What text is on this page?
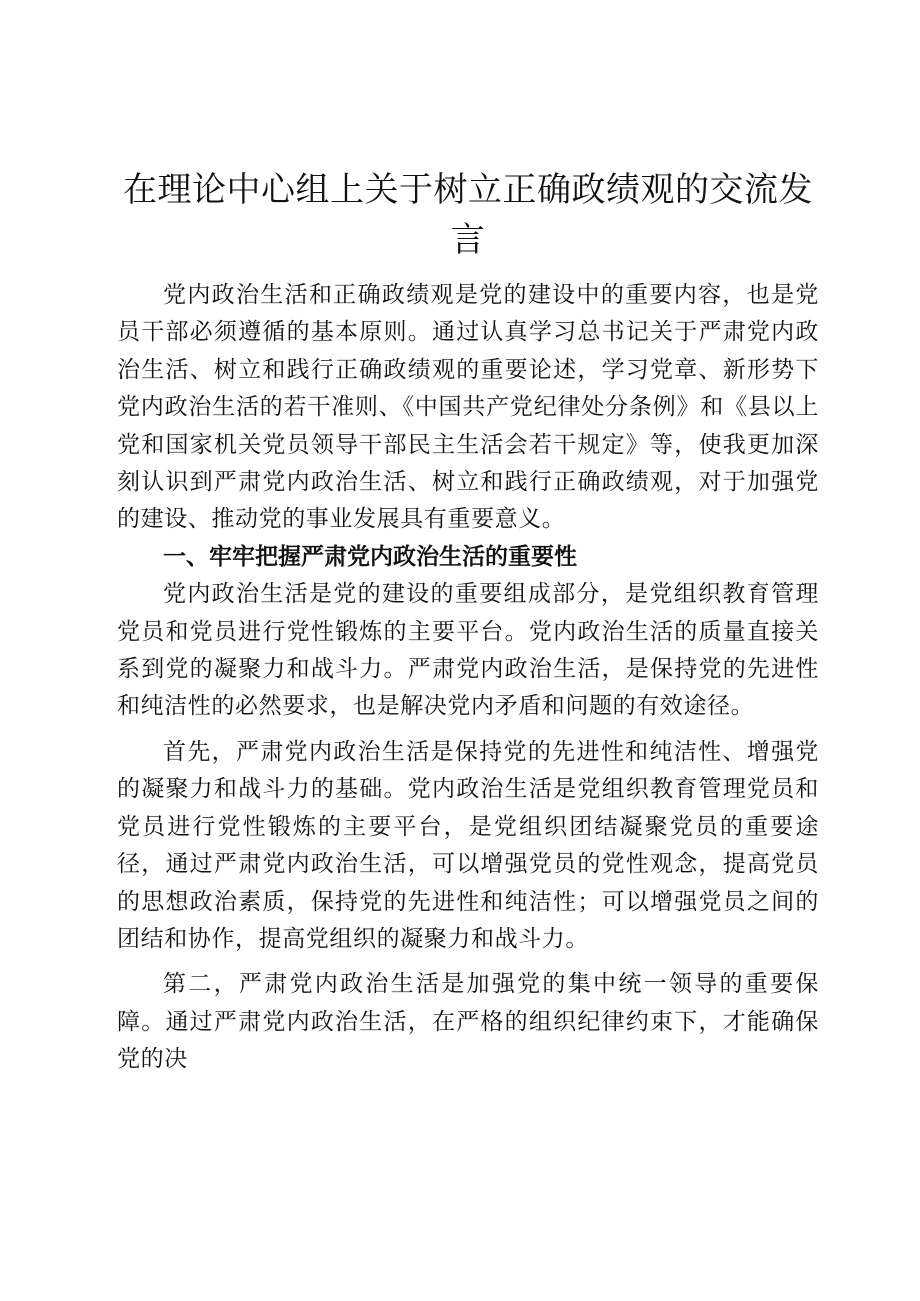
在理论中心组上关于树立正确政绩观的交流发言

党内政治生活和正确政绩观是党的建设中的重要内容，也是党员干部必须遵循的基本原则。通过认真学习总书记关于严肃党内政治生活、树立和践行正确政绩观的重要论述，学习党章、新形势下党内政治生活的若干准则、《中国共产党纪律处分条例》和《县以上党和国家机关党员领导干部民主生活会若干规定》等，使我更加深刻认识到严肃党内政治生活、树立和践行正确政绩观，对于加强党的建设、推动党的事业发展具有重要意义。

一、牢牢把握严肃党内政治生活的重要性

党内政治生活是党的建设的重要组成部分，是党组织教育管理党员和党员进行党性锻炼的主要平台。党内政治生活的质量直接关系到党的凝聚力和战斗力。严肃党内政治生活，是保持党的先进性和纯洁性的必然要求，也是解决党内矛盾和问题的有效途径。

首先，严肃党内政治生活是保持党的先进性和纯洁性、增强党的凝聚力和战斗力的基础。党内政治生活是党组织教育管理党员和党员进行党性锻炼的主要平台，是党组织团结凝聚党员的重要途径，通过严肃党内政治生活，可以增强党员的党性观念，提高党员的思想政治素质，保持党的先进性和纯洁性；可以增强党员之间的团结和协作，提高党组织的凝聚力和战斗力。

第二，严肃党内政治生活是加强党的集中统一领导的重要保障。通过严肃党内政治生活，在严格的组织纪律约束下，才能确保党的决
